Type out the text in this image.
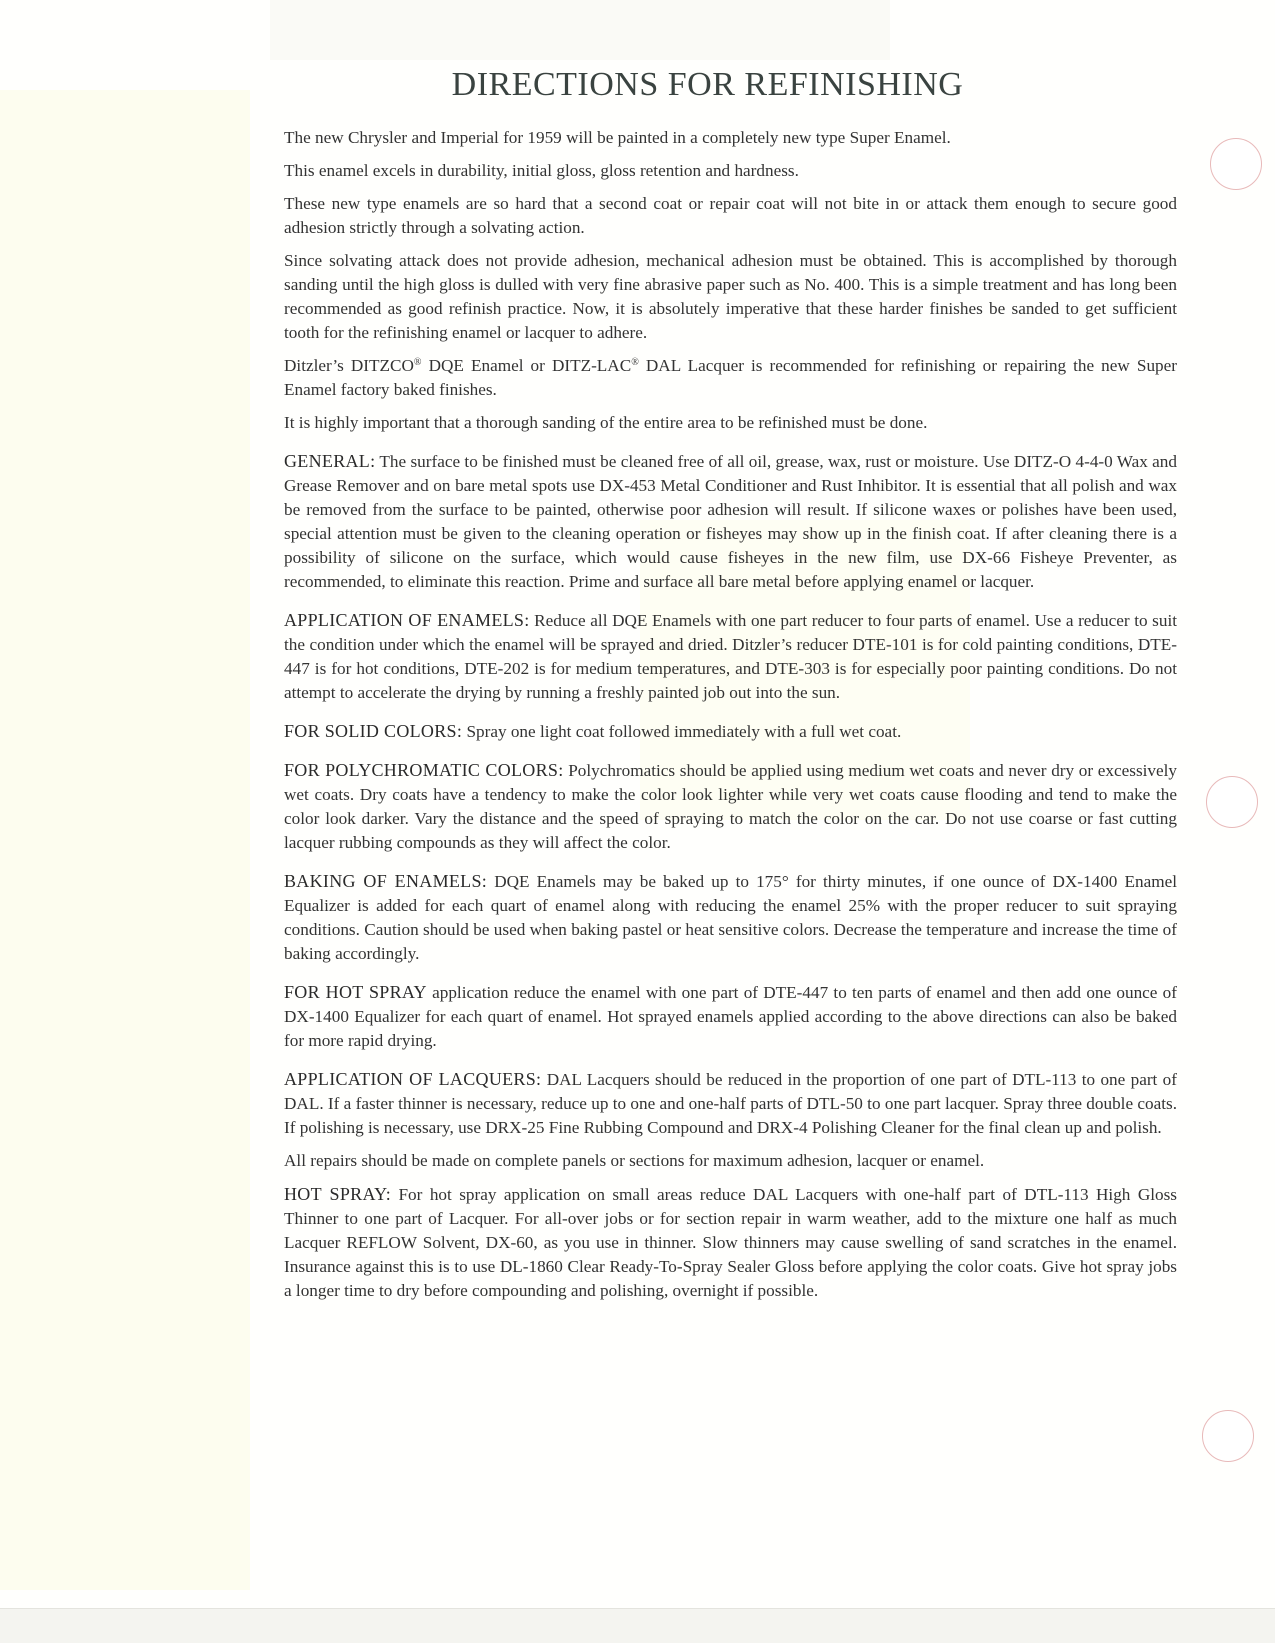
DIRECTIONS FOR REFINISHING

The new Chrysler and Imperial for 1959 will be painted in a completely new type Super Enamel.

This enamel excels in durability, initial gloss, gloss retention and hardness.

These new type enamels are so hard that a second coat or repair coat will not bite in or attack them enough to secure good adhesion strictly through a solvating action.

Since solvating attack does not provide adhesion, mechanical adhesion must be obtained. This is accomplished by thorough sanding until the high gloss is dulled with very fine abrasive paper such as No. 400. This is a simple treatment and has long been recommended as good refinish practice. Now, it is absolutely imperative that these harder finishes be sanded to get sufficient tooth for the refinishing enamel or lacquer to adhere.

Ditzler’s DITZCO® DQE Enamel or DITZ-LAC® DAL Lacquer is recommended for refinishing or repairing the new Super Enamel factory baked finishes.

It is highly important that a thorough sanding of the entire area to be refinished must be done.

GENERAL: The surface to be finished must be cleaned free of all oil, grease, wax, rust or moisture. Use DITZ-O 4-4-0 Wax and Grease Remover and on bare metal spots use DX-453 Metal Conditioner and Rust Inhibitor. It is essential that all polish and wax be removed from the surface to be painted, otherwise poor adhesion will result. If silicone waxes or polishes have been used, special attention must be given to the cleaning operation or fisheyes may show up in the finish coat. If after cleaning there is a possibility of silicone on the surface, which would cause fisheyes in the new film, use DX-66 Fisheye Preventer, as recommended, to eliminate this reaction. Prime and surface all bare metal before applying enamel or lacquer.

APPLICATION OF ENAMELS: Reduce all DQE Enamels with one part reducer to four parts of enamel. Use a reducer to suit the condition under which the enamel will be sprayed and dried. Ditzler’s reducer DTE-101 is for cold painting conditions, DTE-447 is for hot conditions, DTE-202 is for medium temperatures, and DTE-303 is for especially poor painting conditions. Do not attempt to accelerate the drying by running a freshly painted job out into the sun.

FOR SOLID COLORS: Spray one light coat followed immediately with a full wet coat.

FOR POLYCHROMATIC COLORS: Polychromatics should be applied using medium wet coats and never dry or excessively wet coats. Dry coats have a tendency to make the color look lighter while very wet coats cause flooding and tend to make the color look darker. Vary the distance and the speed of spraying to match the color on the car. Do not use coarse or fast cutting lacquer rubbing compounds as they will affect the color.

BAKING OF ENAMELS: DQE Enamels may be baked up to 175° for thirty minutes, if one ounce of DX-1400 Enamel Equalizer is added for each quart of enamel along with reducing the enamel 25% with the proper reducer to suit spraying conditions. Caution should be used when baking pastel or heat sensitive colors. Decrease the temperature and increase the time of baking accordingly.

FOR HOT SPRAY application reduce the enamel with one part of DTE-447 to ten parts of enamel and then add one ounce of DX-1400 Equalizer for each quart of enamel. Hot sprayed enamels applied according to the above directions can also be baked for more rapid drying.

APPLICATION OF LACQUERS: DAL Lacquers should be reduced in the proportion of one part of DTL-113 to one part of DAL. If a faster thinner is necessary, reduce up to one and one-half parts of DTL-50 to one part lacquer. Spray three double coats. If polishing is necessary, use DRX-25 Fine Rubbing Compound and DRX-4 Polishing Cleaner for the final clean up and polish.

All repairs should be made on complete panels or sections for maximum adhesion, lacquer or enamel.

HOT SPRAY: For hot spray application on small areas reduce DAL Lacquers with one-half part of DTL-113 High Gloss Thinner to one part of Lacquer. For all-over jobs or for section repair in warm weather, add to the mixture one half as much Lacquer REFLOW Solvent, DX-60, as you use in thinner. Slow thinners may cause swelling of sand scratches in the enamel. Insurance against this is to use DL-1860 Clear Ready-To-Spray Sealer Gloss before applying the color coats. Give hot spray jobs a longer time to dry before compounding and polishing, overnight if possible.
